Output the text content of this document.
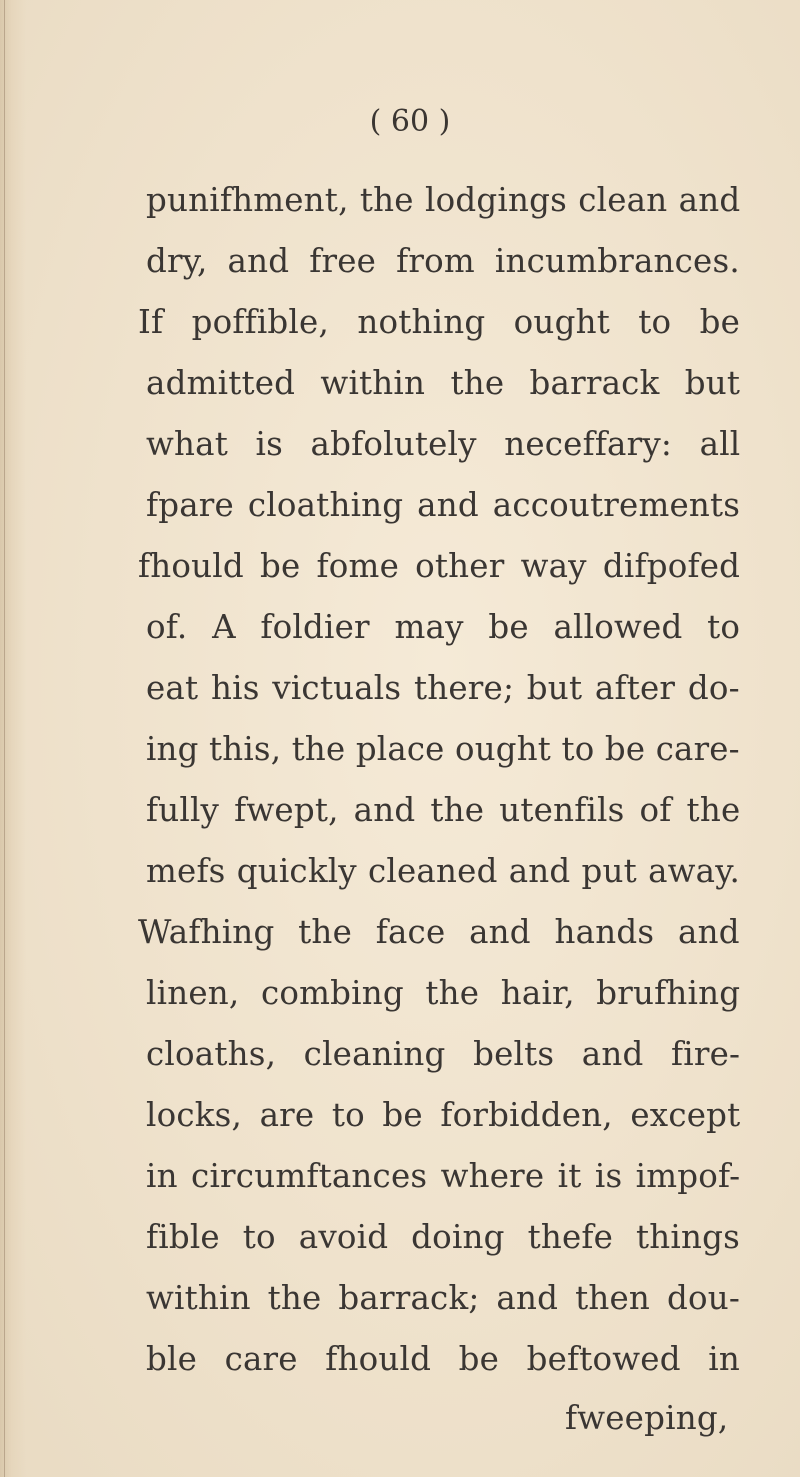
( 60 )

punifhment, the lodgings clean and

dry, and free from incumbrances.

If poffible, nothing ought to be

admitted within the barrack but

what is abfolutely neceffary: all

fpare cloathing and accoutrements

fhould be fome other way difpofed

of. A foldier may be allowed to

eat his victuals there; but after do-

ing this, the place ought to be care-

fully fwept, and the utenfils of the

mefs quickly cleaned and put away.

Wafhing the face and hands and

linen, combing the hair, brufhing

cloaths, cleaning belts and fire-

locks, are to be forbidden, except

in circumftances where it is impof-

fible to avoid doing thefe things

within the barrack; and then dou-

ble care fhould be beftowed in

fweeping,
